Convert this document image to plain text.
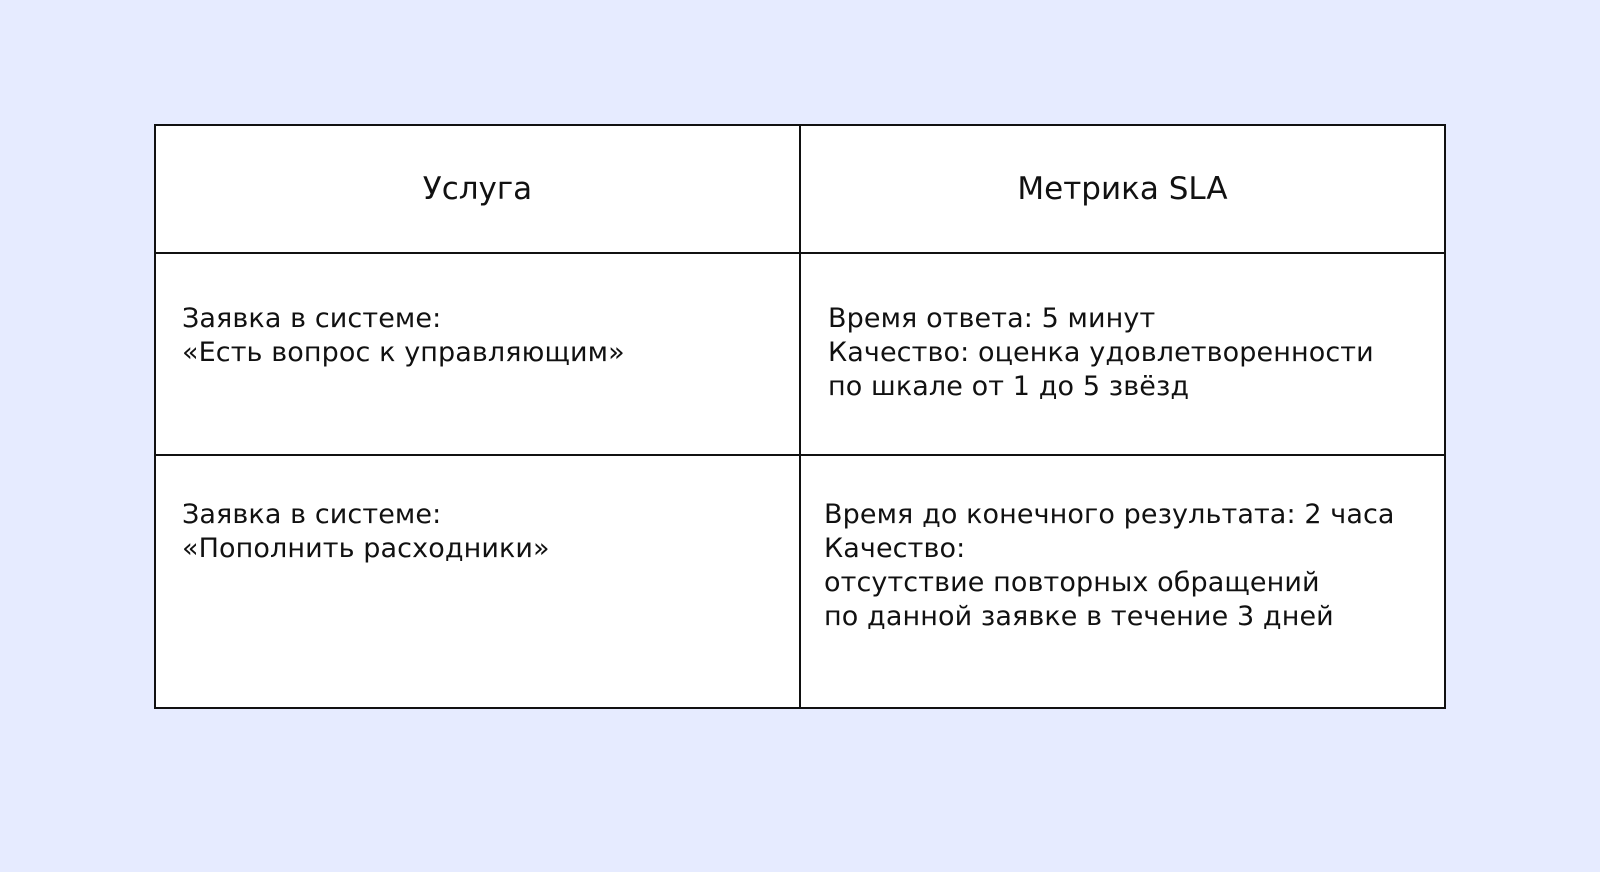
Услуга	Метрика SLA
Заявка в системе:
«Есть вопрос к управляющим»
Время ответа: 5 минут
Качество: оценка удовлетворенности
по шкале от 1 до 5 звёзд
Заявка в системе:
«Пополнить расходники»
Время до конечного результата: 2 часа
Качество:
отсутствие повторных обращений
по данной заявке в течение 3 дней
